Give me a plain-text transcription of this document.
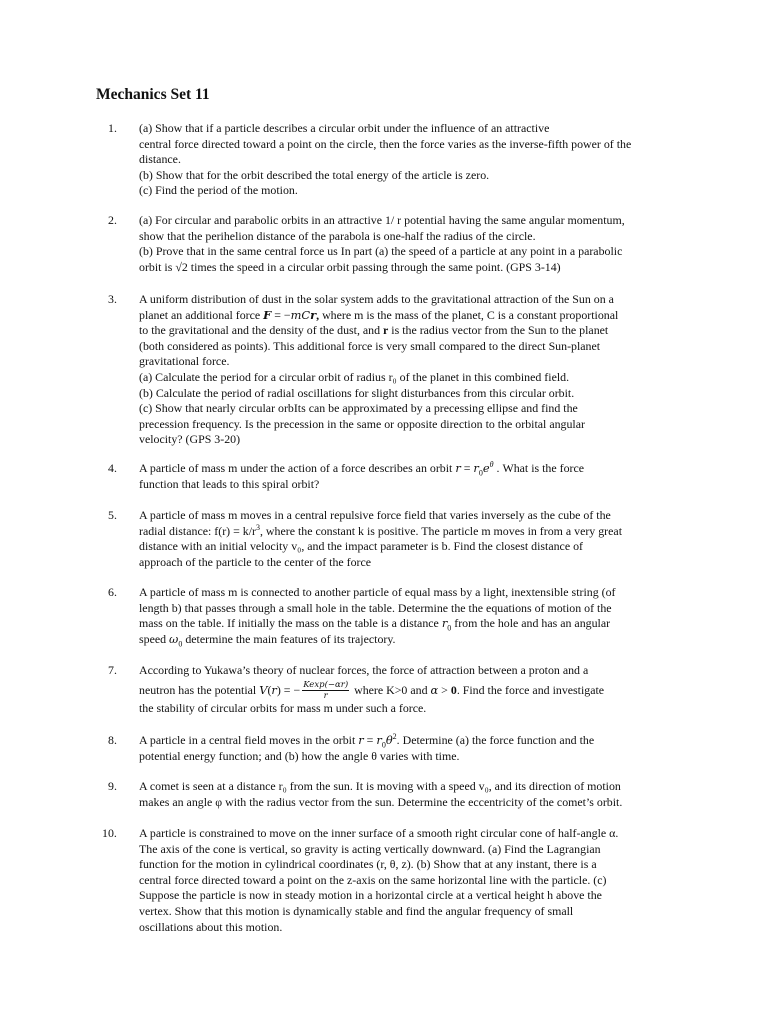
Mechanics Set 11
1.	(a) Show that if a particle describes a circular orbit under the influence of an attractive
central force directed toward a point on the circle, then the force varies as the inverse-fifth power of the
distance.
(b) Show that for the orbit described the total energy of the article is zero.
(c) Find the period of the motion.
2.	(a) For circular and parabolic orbits in an attractive 1/ r potential having the same angular momentum,
show that the perihelion distance of the parabola is one-half the radius of the circle.
(b) Prove that in the same central force us In part (a) the speed of a particle at any point in a parabolic
orbit is √2 times the speed in a circular orbit passing through the same point. (GPS 3-14)
3.	A uniform distribution of dust in the solar system adds to the gravitational attraction of the Sun on a
planet an additional force F = −mCr, where m is the mass of the planet, C is a constant proportional
to the gravitational and the density of the dust, and r is the radius vector from the Sun to the planet
(both considered as points). This additional force is very small compared to the direct Sun-planet
gravitational force.
(a) Calculate the period for a circular orbit of radius r₀ of the planet in this combined field.
(b) Calculate the period of radial oscillations for slight disturbances from this circular orbit.
(c) Show that nearly circular orbIts can be approximated by a precessing ellipse and find the
precession frequency. Is the precession in the same or opposite direction to the orbital angular
velocity? (GPS 3-20)
4.	A particle of mass m under the action of a force describes an orbit $r = r_0e^\theta$ . What is the force
function that leads to this spiral orbit?
5.	A particle of mass m moves in a central repulsive force field that varies inversely as the cube of the
radial distance: $f(r) = k/r^3$, where the constant k is positive. The particle m moves in from a very great
distance with an initial velocity v₀, and the impact parameter is b. Find the closest distance of
approach of the particle to the center of the force
6.	A particle of mass m is connected to another particle of equal mass by a light, inextensible string (of
length b) that passes through a small hole in the table. Determine the the equations of motion of the
mass on the table. If initially the mass on the table is a distance $r_0$ from the hole and has an angular
speed $\omega_0$ determine the main features of its trajectory.
7.	According to Yukawa’s theory of nuclear forces, the force of attraction between a proton and a
neutron has the potential V(r) = − $\frac{Kexp(-\alpha r)}{r}$ where K>0 and α > 0. Find the force and investigate
the stability of circular orbits for mass m under such a force.
8.	A particle in a central field moves in the orbit $r = r_0\theta^2$. Determine (a) the force function and the
potential energy function; and (b) how the angle θ varies with time.
9.	A comet is seen at a distance r₀ from the sun. It is moving with a speed v₀, and its direction of motion
makes an angle φ with the radius vector from the sun. Determine the eccentricity of the comet’s orbit.
10.	A particle is constrained to move on the inner surface of a smooth right circular cone of half-angle α.
The axis of the cone is vertical, so gravity is acting vertically downward. (a) Find the Lagrangian
function for the motion in cylindrical coordinates (r, θ, z). (b) Show that at any instant, there is a
central force directed toward a point on the z-axis on the same horizontal line with the particle. (c)
Suppose the particle is now in steady motion in a horizontal circle at a vertical height h above the
vertex. Show that this motion is dynamically stable and find the angular frequency of small
oscillations about this motion.
